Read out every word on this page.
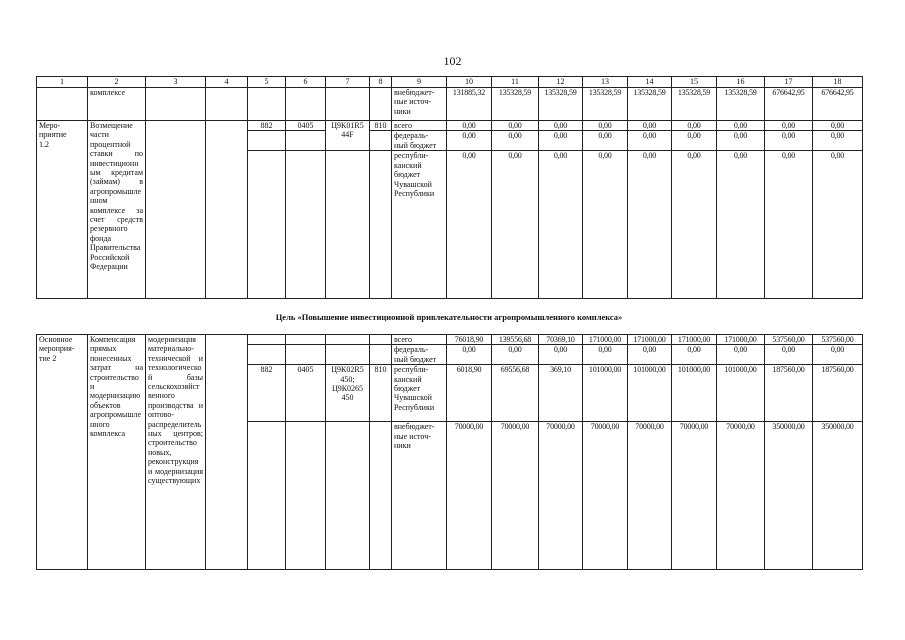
102
1	2	3	4	5	6	7	8	9	10	11	12	13	14	15	16	17	18
	комплексе							внебюджет-
ные источ-
ники	131885,32	135328,59	135328,59	135328,59	135328,59	135328,59	135328,59	676642,95	676642,95
Меро-
приятие
1.2	Возмещение части процентной ставки по инвестиционным кредитам (займам) в агропромышленном комплексе за счет средств резервного фонда Правительства Российской Федерации			882	0405	Ц9К01R5
44F	810	всего	0,00	0,00	0,00	0,00	0,00	0,00	0,00	0,00	0,00
								федераль-
ный бюджет	0,00	0,00	0,00	0,00	0,00	0,00	0,00	0,00	0,00
								республи-
канский
бюджет
Чувашской
Республики	0,00	0,00	0,00	0,00	0,00	0,00	0,00	0,00	0,00
Цель «Повышение инвестиционной привлекательности агропромышленного комплекса»
Основное
мероприя-
тие 2	Компенсация прямых понесенных затрат на строительство и модернизацию объектов агропромышленного комплекса	модернизация материально-технической и технологической базы сельскохозяйственного производства и оптово-распределительных центров; строительство новых, реконструкция и модернизация существующих						всего	76018,90	139556,68	70369,10	171000,00	171000,00	171000,00	171000,00	537560,00	537560,00
								федераль-
ный бюджет	0,00	0,00	0,00	0,00	0,00	0,00	0,00	0,00	0,00
				882	0405	Ц9К02R5
450;
Ц9К0265
450	810	республи-
канский
бюджет
Чувашской
Республики	6018,90	69556,68	369,10	101000,00	101000,00	101000,00	101000,00	187560,00	187560,00
								внебюджет-
ные источ-
ники	70000,00	70000,00	70000,00	70000,00	70000,00	70000,00	70000,00	350000,00	350000,00
